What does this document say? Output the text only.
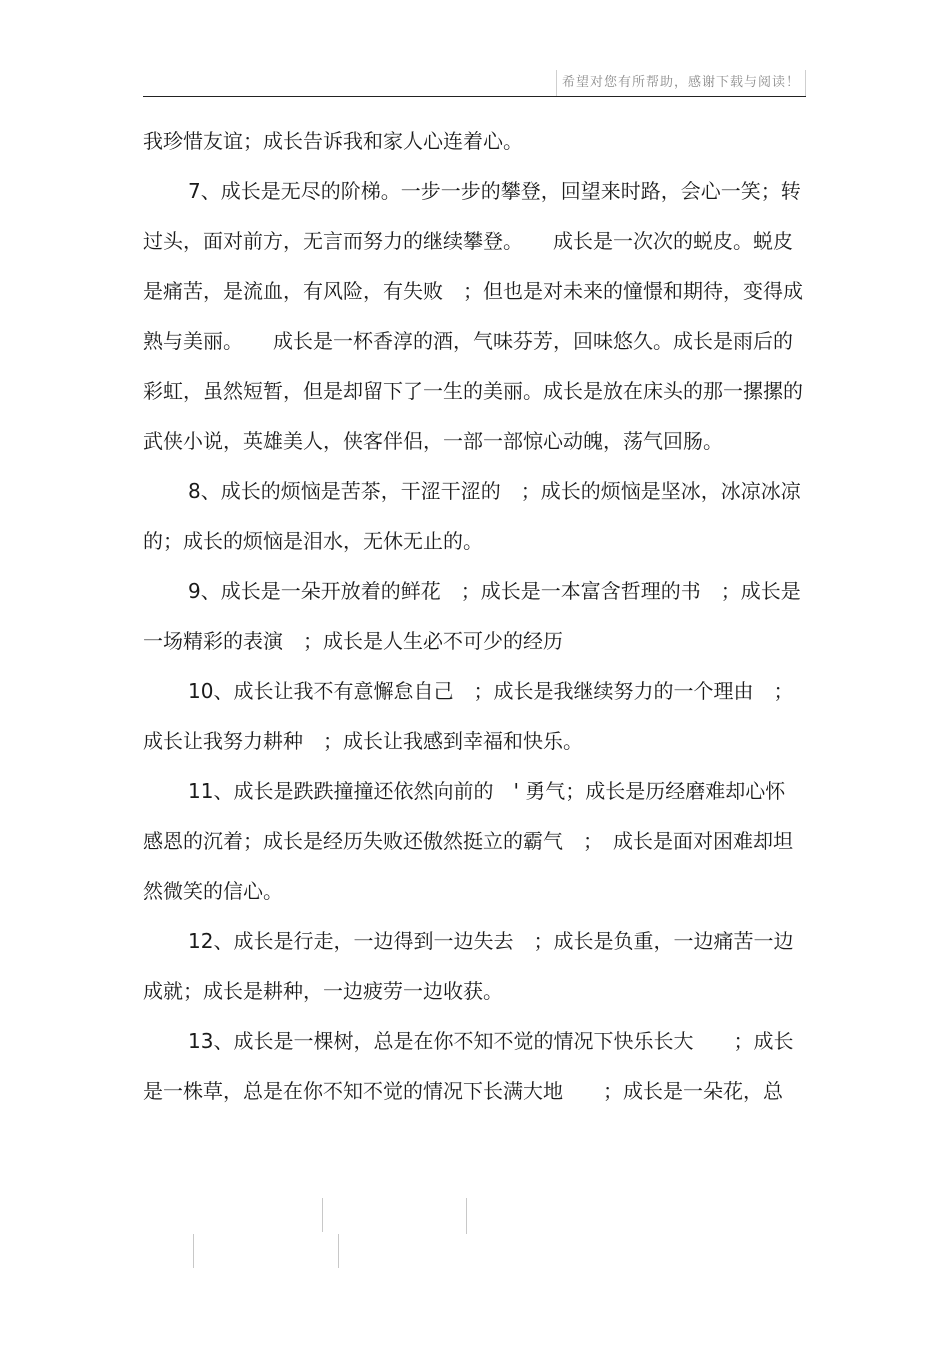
希望对您有所帮助，感谢下载与阅读！

我珍惜友谊；成长告诉我和家人心连着心。

7、成长是无尽的阶梯。一步一步的攀登，回望来时路，会心一笑；转过头，面对前方，无言而努力的继续攀登。　　成长是一次次的蜕皮。蜕皮是痛苦，是流血，有风险，有失败　；但也是对未来的憧憬和期待，变得成熟与美丽。　　成长是一杯香淳的酒，气味芬芳，回味悠久。成长是雨后的彩虹，虽然短暂，但是却留下了一生的美丽。成长是放在床头的那一摞摞的武侠小说，英雄美人，侠客伴侣，一部一部惊心动魄，荡气回肠。

8、成长的烦恼是苦茶，干涩干涩的　；成长的烦恼是坚冰，冰凉冰凉的；成长的烦恼是泪水，无休无止的。

9、成长是一朵开放着的鲜花　；成长是一本富含哲理的书　；成长是一场精彩的表演　；成长是人生必不可少的经历

10、成长让我不有意懈怠自己　；成长是我继续努力的一个理由　；成长让我努力耕种　；成长让我感到幸福和快乐。

11、成长是跌跌撞撞还依然向前的　' 勇气；成长是历经磨难却心怀感恩的沉着；成长是经历失败还傲然挺立的霸气　；　成长是面对困难却坦然微笑的信心。

12、成长是行走，一边得到一边失去　；成长是负重，一边痛苦一边成就；成长是耕种，一边疲劳一边收获。

13、成长是一棵树，总是在你不知不觉的情况下快乐长大　　；成长是一株草，总是在你不知不觉的情况下长满大地　　；成长是一朵花，总
